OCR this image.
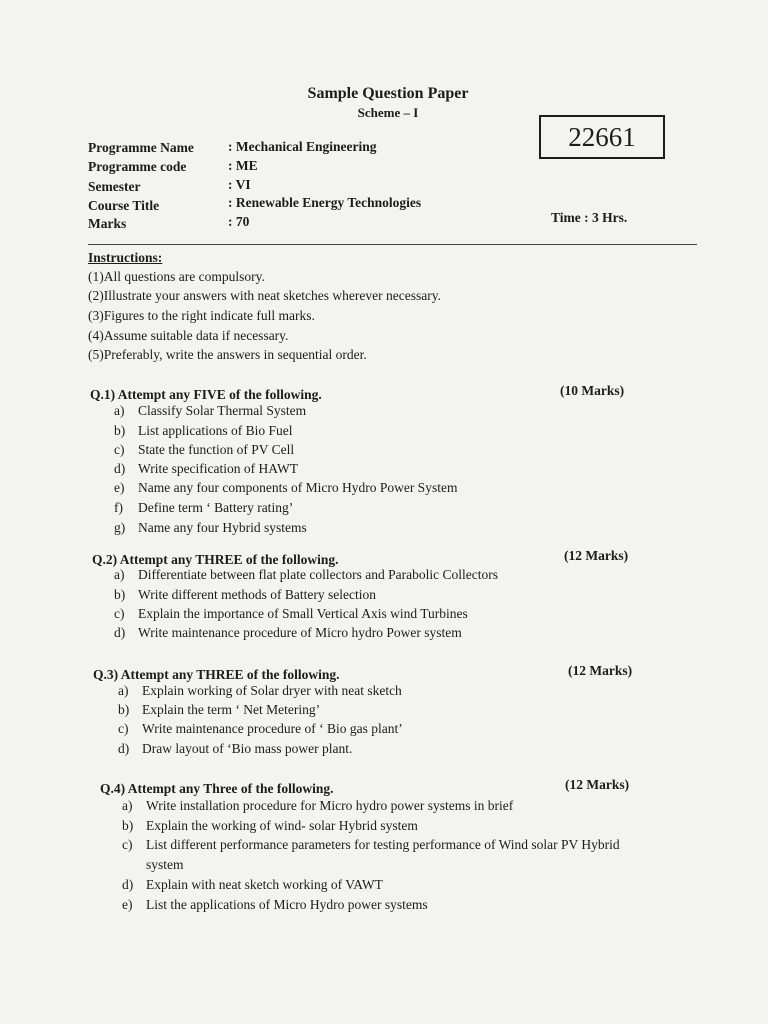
Sample Question Paper
Scheme – I
22661
Programme Name	: Mechanical Engineering
Programme code	: ME
Semester	: VI
Course Title	: Renewable Energy Technologies
Marks	: 70	Time : 3 Hrs.
Instructions:
(1)All questions are compulsory.
(2)Illustrate your answers with neat sketches wherever necessary.
(3)Figures to the right indicate full marks.
(4)Assume suitable data if necessary.
(5)Preferably, write the answers in sequential order.
Q.1) Attempt any FIVE of the following.	(10 Marks)
a) Classify Solar Thermal System
b) List applications of Bio Fuel
c) State the function of PV Cell
d) Write specification of HAWT
e) Name any four components of Micro Hydro Power System
f) Define term ‘ Battery rating’
g) Name any four Hybrid systems
Q.2) Attempt any THREE of the following.	(12 Marks)
a) Differentiate between flat plate collectors and Parabolic Collectors
b) Write different methods of Battery selection
c) Explain the importance of Small Vertical Axis wind Turbines
d) Write maintenance procedure of Micro hydro Power system
Q.3) Attempt any THREE of the following.	(12 Marks)
a) Explain working of Solar dryer with neat sketch
b) Explain the term ‘ Net Metering’
c) Write maintenance procedure of ‘ Bio gas plant’
d) Draw layout of ‘Bio mass power plant.
Q.4) Attempt any Three of the following.	(12 Marks)
a) Write installation procedure for Micro hydro power systems in brief
b) Explain the working of wind- solar Hybrid system
c) List different performance parameters for testing performance of Wind solar PV Hybrid
system
d) Explain with neat sketch working of VAWT
e) List the applications of Micro Hydro power systems
